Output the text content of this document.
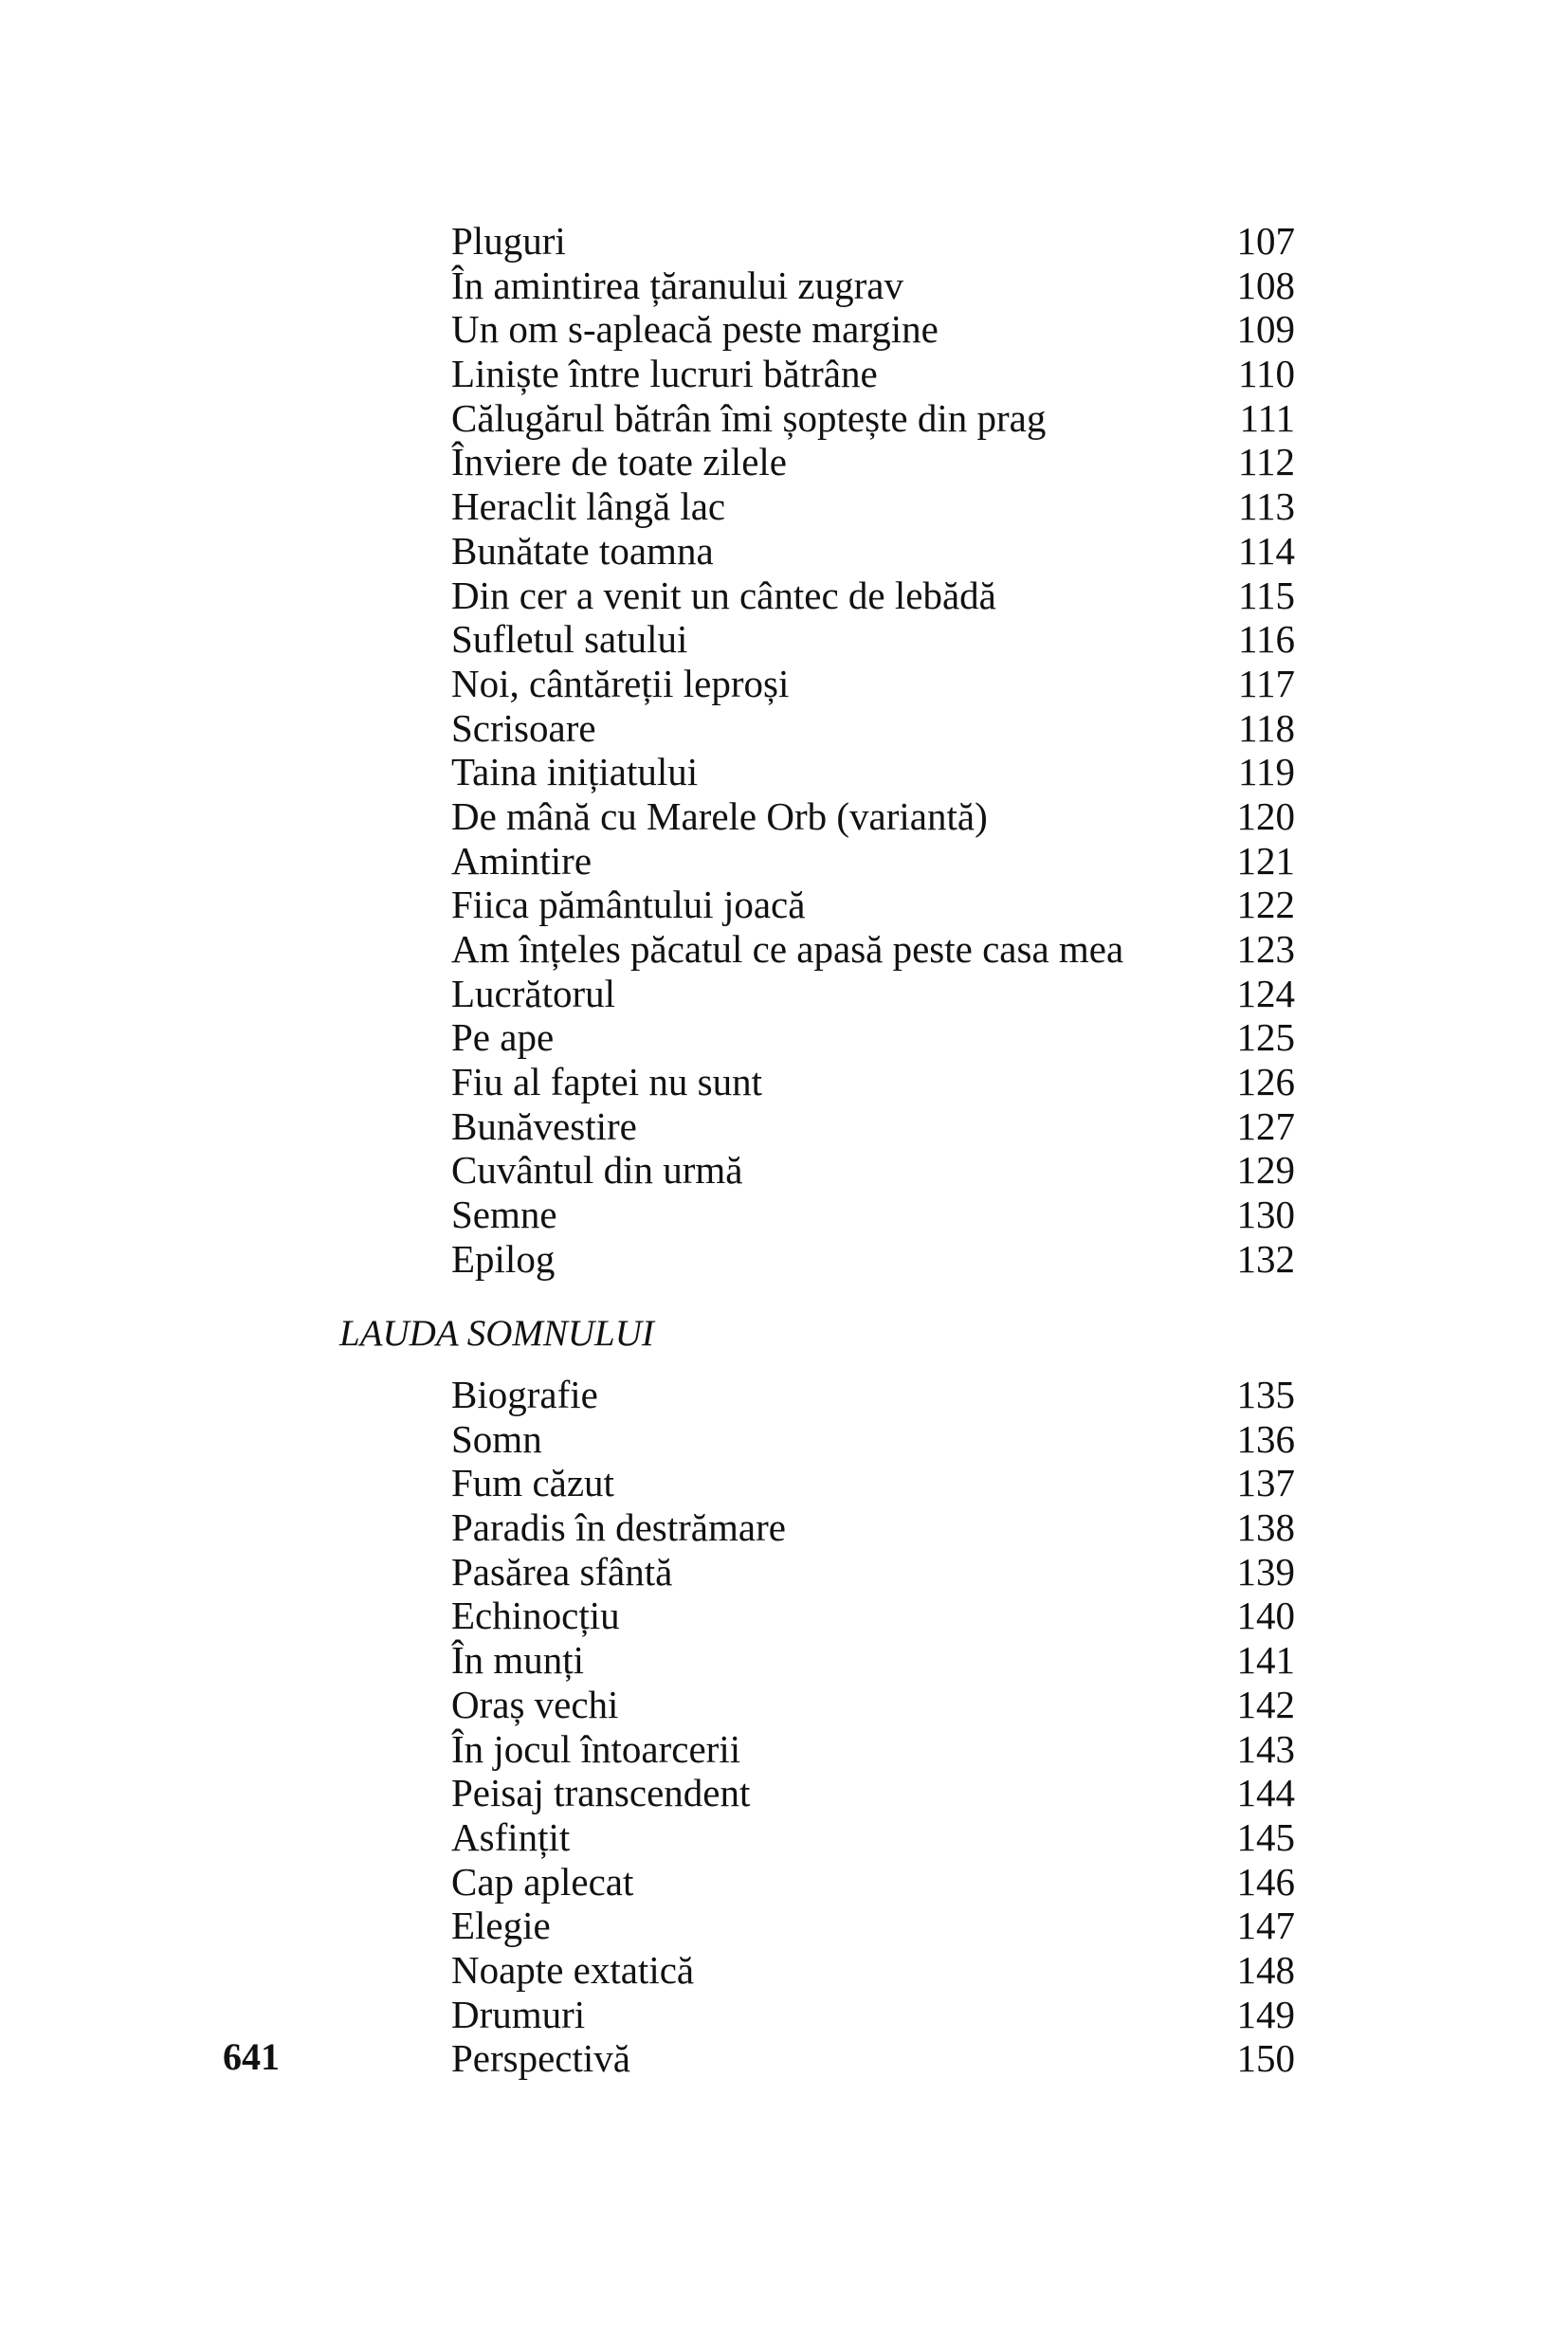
Pluguri	107
În amintirea țăranului zugrav	108
Un om s-apleacă peste margine	109
Liniște între lucruri bătrâne	110
Călugărul bătrân îmi șoptește din prag	111
Înviere de toate zilele	112
Heraclit lângă lac	113
Bunătate toamna	114
Din cer a venit un cântec de lebădă	115
Sufletul satului	116
Noi, cântăreții leproși	117
Scrisoare	118
Taina inițiatului	119
De mână cu Marele Orb (variantă)	120
Amintire	121
Fiica pământului joacă	122
Am înțeles păcatul ce apasă peste casa mea	123
Lucrătorul	124
Pe ape	125
Fiu al faptei nu sunt	126
Bunăvestire	127
Cuvântul din urmă	129
Semne	130
Epilog	132
LAUDA SOMNULUI
Biografie	135
Somn	136
Fum căzut	137
Paradis în destrămare	138
Pasărea sfântă	139
Echinocțiu	140
În munți	141
Oraș vechi	142
În jocul întoarcerii	143
Peisaj transcendent	144
Asfințit	145
Cap aplecat	146
Elegie	147
Noapte extatică	148
Drumuri	149
Perspectivă	150
641
